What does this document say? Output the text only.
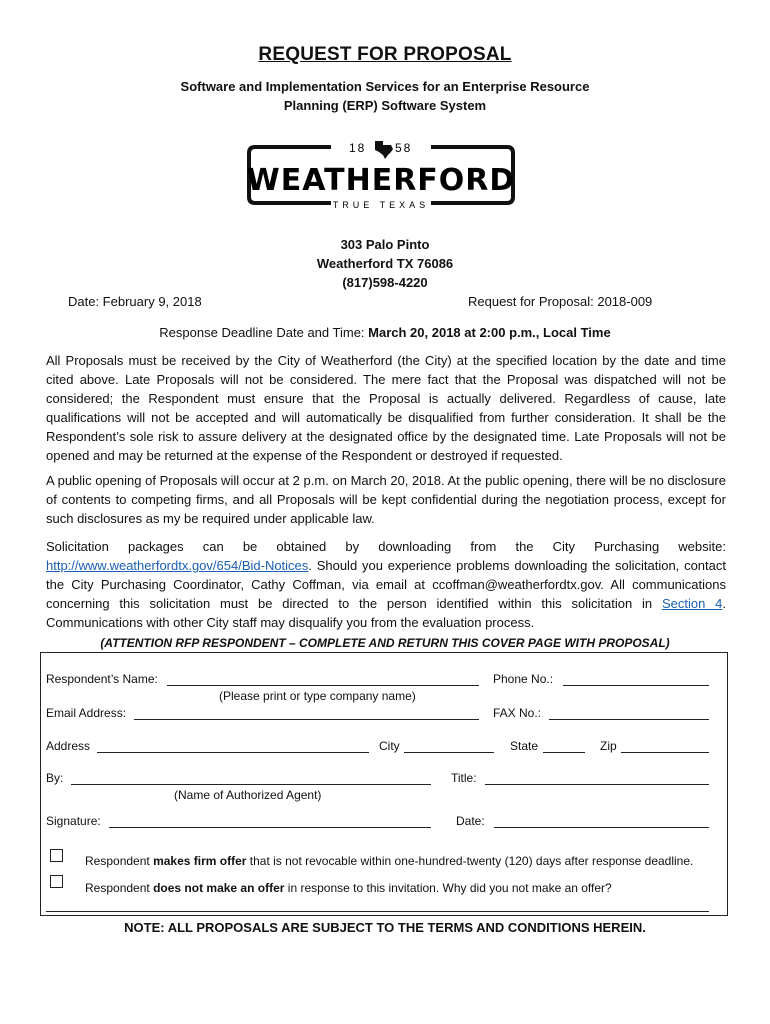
REQUEST FOR PROPOSAL
Software and Implementation Services for an Enterprise Resource
Planning (ERP) Software System
18 58
WEATHERFORD
TRUE TEXAS
303 Palo Pinto
Weatherford TX 76086
(817)598-4220
Date: February 9, 2018	Request for Proposal: 2018-009
Response Deadline Date and Time: March 20, 2018 at 2:00 p.m., Local Time

All Proposals must be received by the City of Weatherford (the City) at the specified location by the date and time cited above. Late Proposals will not be considered. The mere fact that the Proposal was dispatched will not be considered; the Respondent must ensure that the Proposal is actually delivered. Regardless of cause, late qualifications will not be accepted and will automatically be disqualified from further consideration. It shall be the Respondent’s sole risk to assure delivery at the designated office by the designated time. Late Proposals will not be opened and may be returned at the expense of the Respondent or destroyed if requested.

A public opening of Proposals will occur at 2 p.m. on March 20, 2018. At the public opening, there will be no disclosure of contents to competing firms, and all Proposals will be kept confidential during the negotiation process, except for such disclosures as my be required under applicable law.

Solicitation packages can be obtained by downloading from the City Purchasing website: http://www.weatherfordtx.gov/654/Bid-Notices. Should you experience problems downloading the solicitation, contact the City Purchasing Coordinator, Cathy Coffman, via email at ccoffman@weatherfordtx.gov. All communications concerning this solicitation must be directed to the person identified within this solicitation in Section 4. Communications with other City staff may disqualify you from the evaluation process.

(ATTENTION RFP RESPONDENT – COMPLETE AND RETURN THIS COVER PAGE WITH PROPOSAL)
Respondent’s Name:	Phone No.:
(Please print or type company name)
Email Address:	FAX No.:
Address	City	State	Zip
By:	Title:
(Name of Authorized Agent)
Signature:	Date:
Respondent makes firm offer that is not revocable within one-hundred-twenty (120) days after response deadline.
Respondent does not make an offer in response to this invitation. Why did you not make an offer?
NOTE: ALL PROPOSALS ARE SUBJECT TO THE TERMS AND CONDITIONS HEREIN.
